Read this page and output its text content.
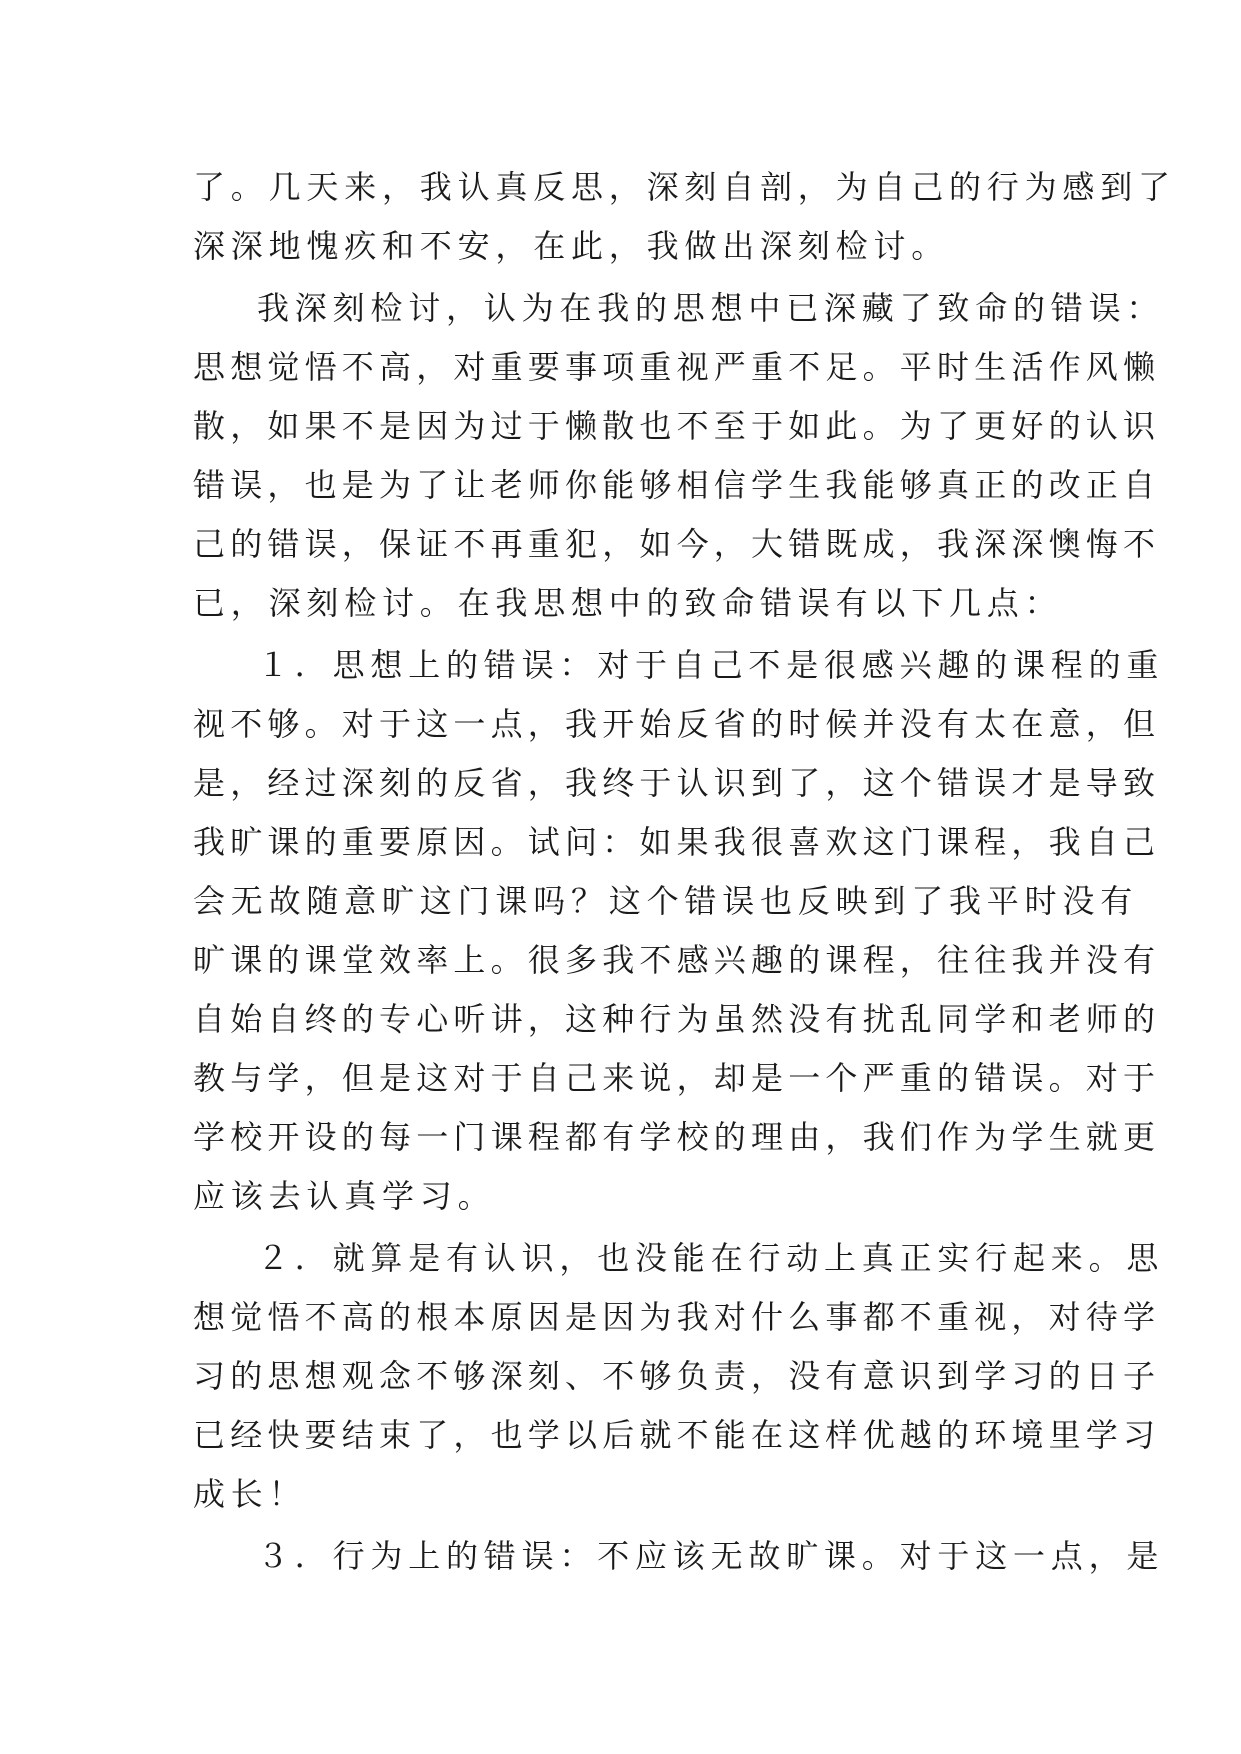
了。几天来，我认真反思，深刻自剖，为自己的行为感到了
深深地愧疚和不安，在此，我做出深刻检讨。
我深刻检讨，认为在我的思想中已深藏了致命的错误：
思想觉悟不高，对重要事项重视严重不足。平时生活作风懒
散，如果不是因为过于懒散也不至于如此。为了更好的认识
错误，也是为了让老师你能够相信学生我能够真正的改正自
己的错误，保证不再重犯，如今，大错既成，我深深懊悔不
已，深刻检讨。在我思想中的致命错误有以下几点：
１．思想上的错误：对于自己不是很感兴趣的课程的重
视不够。对于这一点，我开始反省的时候并没有太在意，但
是，经过深刻的反省，我终于认识到了，这个错误才是导致
我旷课的重要原因。试问：如果我很喜欢这门课程，我自己
会无故随意旷这门课吗？这个错误也反映到了我平时没有
旷课的课堂效率上。很多我不感兴趣的课程，往往我并没有
自始自终的专心听讲，这种行为虽然没有扰乱同学和老师的
教与学，但是这对于自己来说，却是一个严重的错误。对于
学校开设的每一门课程都有学校的理由，我们作为学生就更
应该去认真学习。
２．就算是有认识，也没能在行动上真正实行起来。思
想觉悟不高的根本原因是因为我对什么事都不重视，对待学
习的思想观念不够深刻、不够负责，没有意识到学习的日子
已经快要结束了，也学以后就不能在这样优越的环境里学习
成长！
３．行为上的错误：不应该无故旷课。对于这一点，是
